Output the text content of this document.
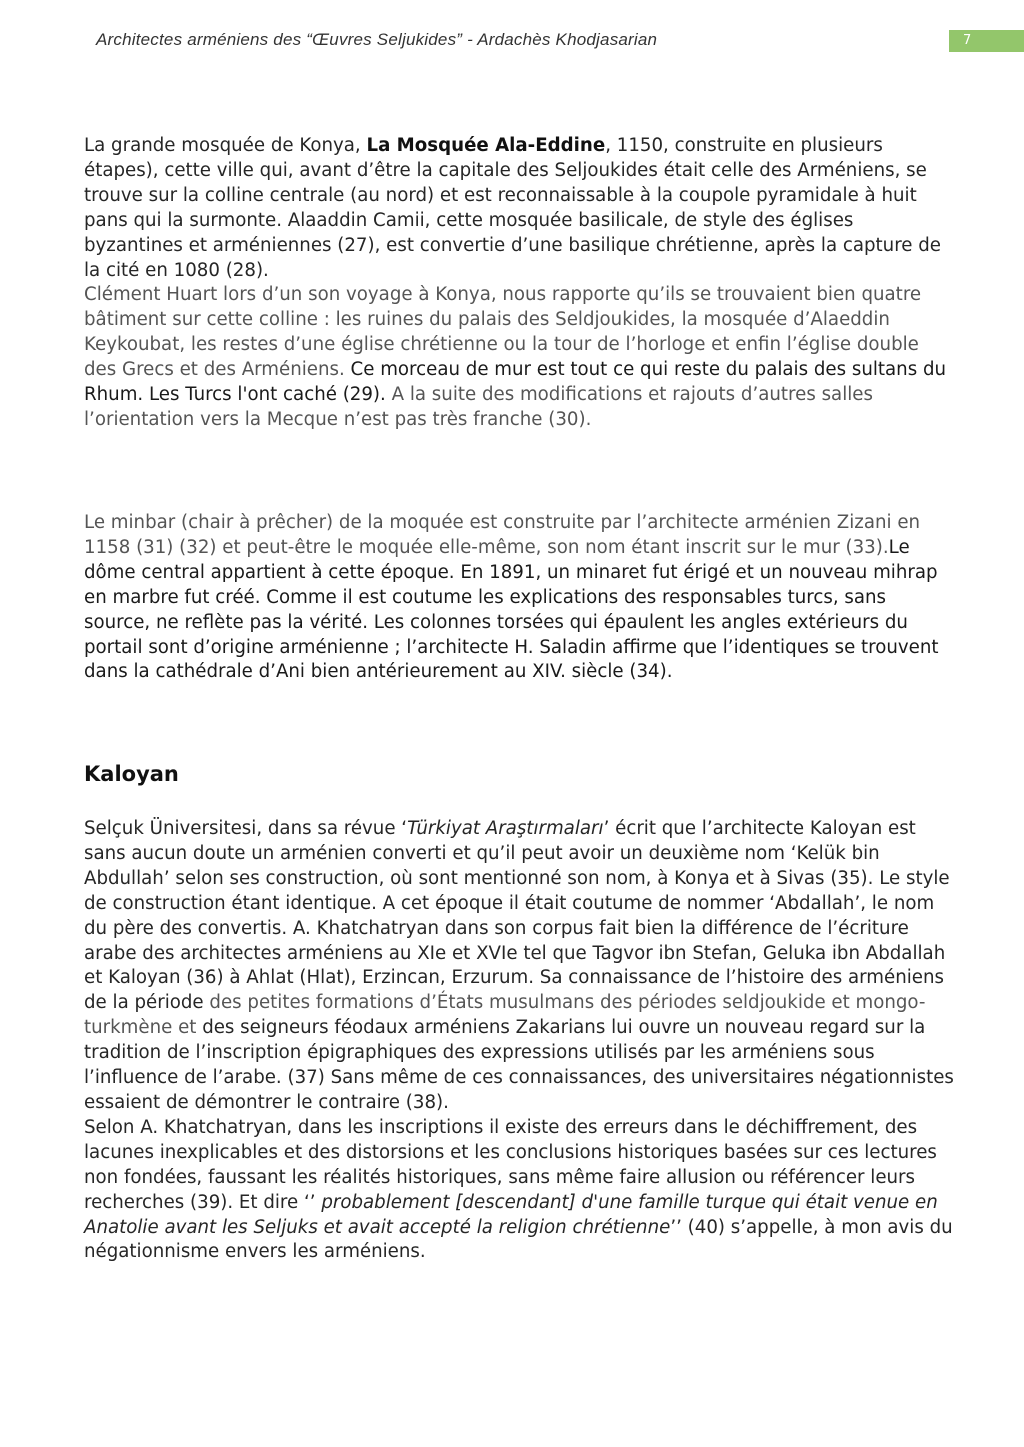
Architectes arméniens des “Œuvres Seljukides” - Ardachès Khodjasarian	7

La grande mosquée de Konya, La Mosquée Ala-Eddine, 1150, construite en plusieurs étapes), cette ville qui, avant d’être la capitale des Seljoukides était celle des Arméniens, se trouve sur la colline centrale (au nord) et est reconnaissable à la coupole pyramidale à huit pans qui la surmonte. Alaaddin Camii, cette mosquée basilicale, de style des églises byzantines et arméniennes (27), est convertie d’une basilique chrétienne, après la capture de la cité en 1080 (28).

Clément Huart lors d’un son voyage à Konya, nous rapporte qu’ils se trouvaient bien quatre bâtiment sur cette colline : les ruines du palais des Seldjoukides, la mosquée d’Alaeddin Keykoubat, les restes d’une église chrétienne ou la tour de l’horloge et enfin l’église double des Grecs et des Arméniens. Ce morceau de mur est tout ce qui reste du palais des sultans du Rhum. Les Turcs l'ont caché (29). A la suite des modifications et rajouts d’autres salles l’orientation vers la Mecque n’est pas très franche (30).

Le minbar (chair à prêcher) de la moquée est construite par l’architecte arménien Zizani en 1158 (31) (32) et peut-être le moquée elle-même, son nom étant inscrit sur le mur (33).Le dôme central appartient à cette époque. En 1891, un minaret fut érigé et un nouveau mihrap en marbre fut créé. Comme il est coutume les explications des responsables turcs, sans source, ne reflète pas la vérité. Les colonnes torsées qui épaulent les angles extérieurs du portail sont d’origine arménienne ; l’architecte H. Saladin affirme que l’identiques se trouvent dans la cathédrale d’Ani bien antérieurement au XIV. siècle (34).

Kaloyan

Selçuk Üniversitesi, dans sa révue ‘Türkiyat Araştırmaları’ écrit que l’architecte Kaloyan est sans aucun doute un arménien converti et qu’il peut avoir un deuxième nom ‘Kelük bin Abdullah’ selon ses construction, où sont mentionné son nom, à Konya et à Sivas (35). Le style de construction étant identique. A cet époque il était coutume de nommer ‘Abdallah’, le nom du père des convertis. A. Khatchatryan dans son corpus fait bien la différence de l’écriture arabe des architectes arméniens au XIe et XVIe tel que Tagvor ibn Stefan, Geluka ibn Abdallah et Kaloyan (36) à Ahlat (Hlat), Erzincan, Erzurum. Sa connaissance de l’histoire des arméniens de la période des petites formations d’États musulmans des périodes seldjoukide et mongo-turkmène et des seigneurs féodaux arméniens Zakarians lui ouvre un nouveau regard sur la tradition de l’inscription épigraphiques des expressions utilisés par les arméniens sous l’influence de l’arabe. (37) Sans même de ces connaissances, des universitaires négationnistes essaient de démontrer le contraire (38).

Selon A. Khatchatryan, dans les inscriptions il existe des erreurs dans le déchiffrement, des lacunes inexplicables et des distorsions et les conclusions historiques basées sur ces lectures non fondées, faussant les réalités historiques, sans même faire allusion ou référencer leurs recherches (39). Et dire ‘’ probablement [descendant] d'une famille turque qui était venue en Anatolie avant les Seljuks et avait accepté la religion chrétienne’’ (40) s’appelle, à mon avis du négationnisme envers les arméniens.
